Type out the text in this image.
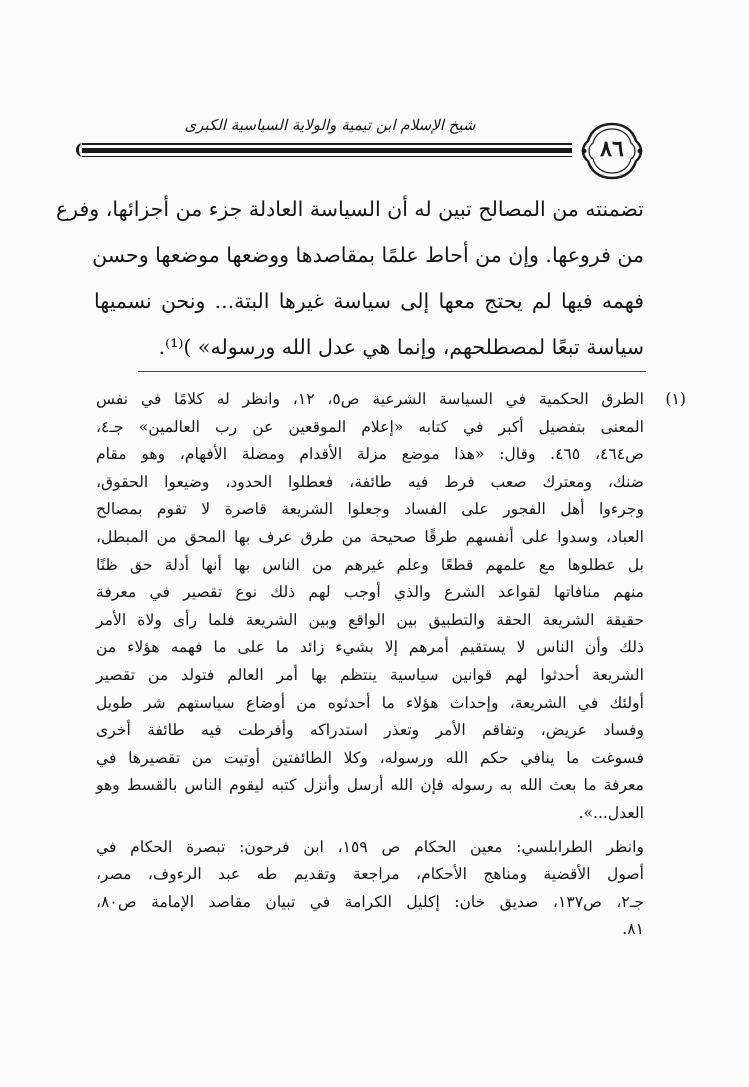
شيخ الإسلام ابن تيمية والولاية السياسية الكبرى
٨٦
تضمنته من المصالح تبين له أن السياسة العادلة جزء من أجزائها، وفرع
من فروعها. وإن من أحاط علمًا بمقاصدها ووضعها موضعها وحسن
فهمه فيها لم يحتج معها إلى سياسة غيرها البتة... ونحن نسميها
سياسة تبعًا لمصطلحهم، وإنما هي عدل الله ورسوله» )⁽¹⁾.
(١)
الطرق الحكمية في السياسة الشرعية ص٥، ١٢، وانظر له كلامًا في نفس
المعنى بتفصيل أكبر في كتابه «إعلام الموقعين عن رب العالمين» جـ٤،
ص٤٦٤، ٤٦٥. وقال: «هذا موضع مزلة الأقدام ومضلة الأفهام، وهو مقام
ضنك، ومعترك صعب فرط فيه طائفة، فعطلوا الحدود، وضيعوا الحقوق،
وجرءوا أهل الفجور على الفساد وجعلوا الشريعة قاصرة لا تقوم بمصالح
العباد، وسدوا على أنفسهم طرقًا صحيحة من طرق عرف بها المحق من المبطل،
بل عطلوها مع علمهم قطعًا وعلم غيرهم من الناس بها أنها أدلة حق ظنًا
منهم منافاتها لقواعد الشرع والذي أوجب لهم ذلك نوع تقصير في معرفة
حقيقة الشريعة الحقة والتطبيق بين الواقع وبين الشريعة فلما رأى ولاة الأمر
ذلك وأن الناس لا يستقيم أمرهم إلا بشيء زائد ما على ما فهمه هؤلاء من
الشريعة أحدثوا لهم قوانين سياسية ينتظم بها أمر العالم فتولد من تقصير
أولئك في الشريعة، وإحداث هؤلاء ما أحدثوه من أوضاع سياستهم شر طويل
وفساد عريض، وتفاقم الأمر وتعذر استدراكه وأفرطت فيه طائفة أخرى
فسوغت ما ينافي حكم الله ورسوله، وكلا الطائفتين أوتيت من تقصيرها في
معرفة ما بعث الله به رسوله فإن الله أرسل وأنزل كتبه ليقوم الناس بالقسط وهو
العدل...».
وانظر الطرابلسي: معين الحكام ص ١٥٩، ابن فرحون: تبصرة الحكام في
أصول الأقضية ومناهج الأحكام، مراجعة وتقديم طه عبد الرءوف، مصر،
جـ٢، ص١٣٧، صديق خان: إكليل الكرامة في تبيان مقاصد الإمامة ص٨٠،
٨١.
